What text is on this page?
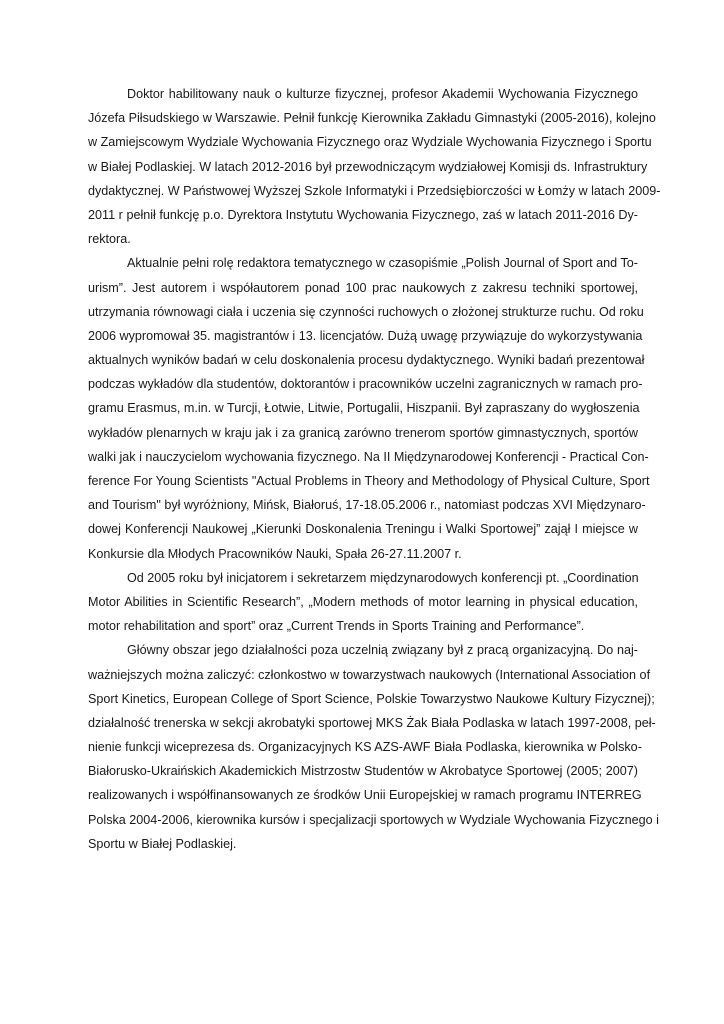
Doktor habilitowany nauk o kulturze fizycznej, profesor Akademii Wychowania Fizycznego
Józefa Piłsudskiego w Warszawie. Pełnił funkcję Kierownika Zakładu Gimnastyki (2005-2016), kolejno
w Zamiejscowym Wydziale Wychowania Fizycznego oraz Wydziale Wychowania Fizycznego i Sportu
w Białej Podlaskiej. W latach 2012-2016 był przewodniczącym wydziałowej Komisji ds. Infrastruktury
dydaktycznej. W Państwowej Wyższej Szkole Informatyki i Przedsiębiorczości w Łomży w latach 2009-
2011 r pełnił funkcję p.o. Dyrektora Instytutu Wychowania Fizycznego, zaś w latach 2011-2016 Dy-
rektora.
Aktualnie pełni rolę redaktora tematycznego w czasopiśmie „Polish Journal of Sport and To-
urism”. Jest autorem i współautorem ponad 100 prac naukowych z zakresu techniki sportowej,
utrzymania równowagi ciała i uczenia się czynności ruchowych o złożonej strukturze ruchu. Od roku
2006 wypromował 35. magistrantów i 13. licencjatów. Dużą uwagę przywiązuje do wykorzystywania
aktualnych wyników badań w celu doskonalenia procesu dydaktycznego. Wyniki badań prezentował
podczas wykładów dla studentów, doktorantów i pracowników uczelni zagranicznych w ramach pro-
gramu Erasmus, m.in. w Turcji, Łotwie, Litwie, Portugalii, Hiszpanii. Był zapraszany do wygłoszenia
wykładów plenarnych w kraju jak i za granicą zarówno trenerom sportów gimnastycznych, sportów
walki jak i nauczycielom wychowania fizycznego. Na II Międzynarodowej Konferencji - Practical Con-
ference For Young Scientists "Actual Problems in Theory and Methodology of Physical Culture, Sport
and Tourism" był wyróżniony, Mińsk, Białoruś, 17-18.05.2006 r., natomiast podczas XVI Międzynaro-
dowej Konferencji Naukowej „Kierunki Doskonalenia Treningu i Walki Sportowej” zajął I miejsce w
Konkursie dla Młodych Pracowników Nauki, Spała 26-27.11.2007 r.
Od 2005 roku był inicjatorem i sekretarzem międzynarodowych konferencji pt. „Coordination
Motor Abilities in Scientific Research”, „Modern methods of motor learning in physical education,
motor rehabilitation and sport” oraz „Current Trends in Sports Training and Performance”.
Główny obszar jego działalności poza uczelnią związany był z pracą organizacyjną. Do naj-
ważniejszych można zaliczyć: członkostwo w towarzystwach naukowych (International Association of
Sport Kinetics, European College of Sport Science, Polskie Towarzystwo Naukowe Kultury Fizycznej);
działalność trenerska w sekcji akrobatyki sportowej MKS Żak Biała Podlaska w latach 1997-2008, peł-
nienie funkcji wiceprezesa ds. Organizacyjnych KS AZS-AWF Biała Podlaska, kierownika w Polsko-
Białorusko-Ukraińskich Akademickich Mistrzostw Studentów w Akrobatyce Sportowej (2005; 2007)
realizowanych i współfinansowanych ze środków Unii Europejskiej w ramach programu INTERREG
Polska 2004-2006, kierownika kursów i specjalizacji sportowych w Wydziale Wychowania Fizycznego i
Sportu w Białej Podlaskiej.
